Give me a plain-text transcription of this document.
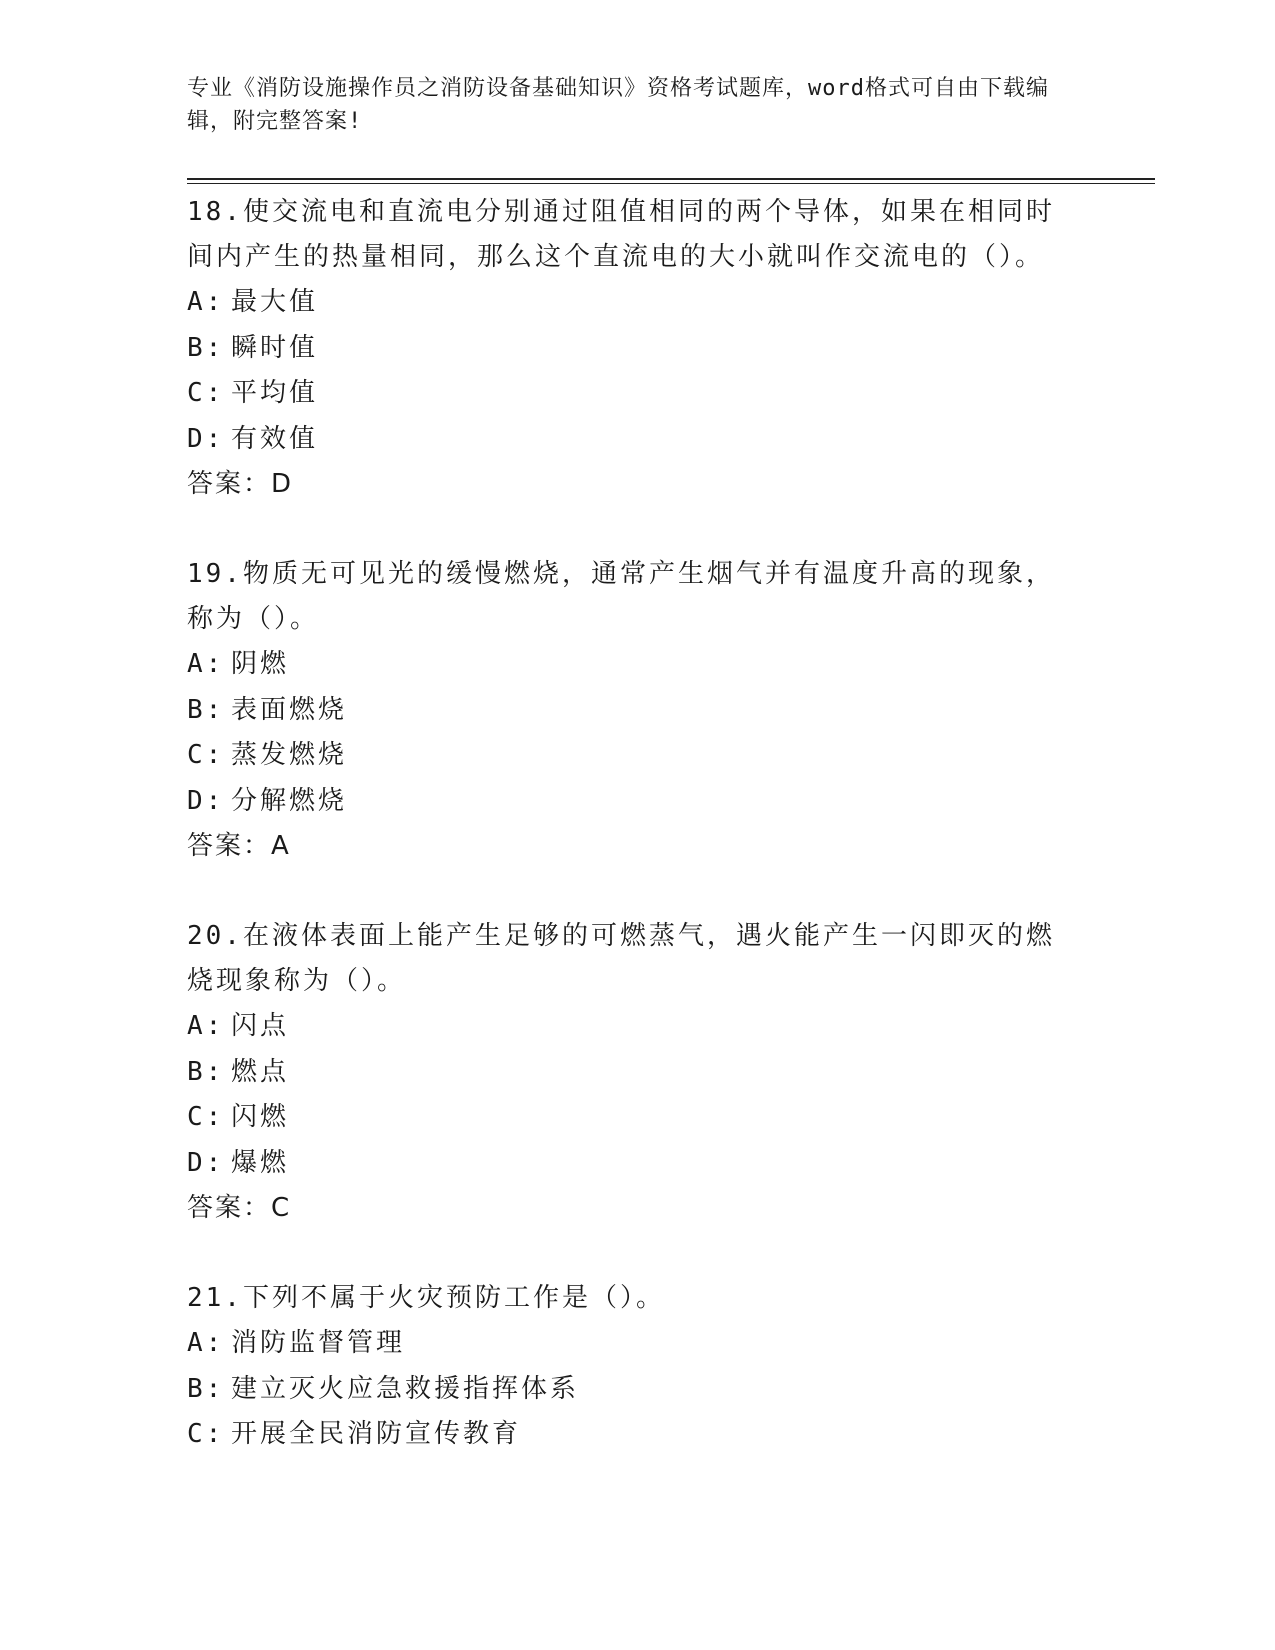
专业《消防设施操作员之消防设备基础知识》资格考试题库，word格式可自由下载编辑，附完整答案!
18.使交流电和直流电分别通过阻值相同的两个导体，如果在相同时间内产生的热量相同，那么这个直流电的大小就叫作交流电的（）。
A: 最大值
B: 瞬时值
C: 平均值
D: 有效值
答案：D
19.物质无可见光的缓慢燃烧，通常产生烟气并有温度升高的现象，称为（）。
A: 阴燃
B: 表面燃烧
C: 蒸发燃烧
D: 分解燃烧
答案：A
20.在液体表面上能产生足够的可燃蒸气，遇火能产生一闪即灭的燃烧现象称为（）。
A: 闪点
B: 燃点
C: 闪燃
D: 爆燃
答案：C
21.下列不属于火灾预防工作是（）。
A: 消防监督管理
B: 建立灭火应急救援指挥体系
C: 开展全民消防宣传教育
